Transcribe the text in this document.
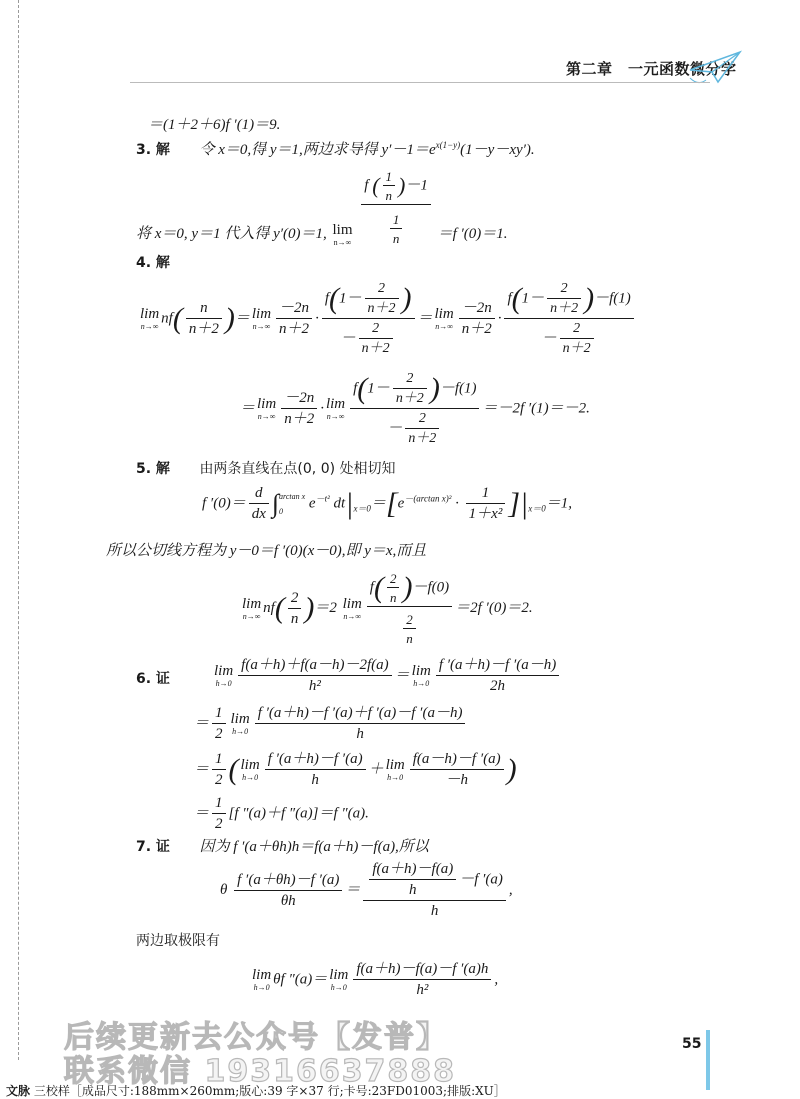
第二章　一元函数微分学
＝(1＋2＋6)f ′(1)＝9.
3. 解 令 x＝0,得 y＝1,两边求导得 $y'-1=e^{x(1-y)}(1-y-xy')$.
将 x＝0, y＝1 代入得 y′(0)＝1, lim
n→∞
$\frac{f ( \frac{1}{n} )-1}{\frac{1}{n}} =f$ ′(0)＝1.
4. 解
lim
n→∞
$nf( \frac{n}{n+2}$ )＝ lim
$n\to\infty \frac{-2n}{n+2} \cdot \frac{f(1- \frac{2}{n+2} )}{- \frac{2}{n+2}} = \lim$
$n\to\infty \frac{-2n}{n+2} \cdot \frac{f(1- \frac{2}{n+2} )-f(1)}{- \frac{2}{n+2}}$
＝ lim
$n\to\infty \frac{-2n}{n+2} \cdot \lim$
$n\to\infty \frac{f(1- \frac{2}{n+2} )-f(1)}{- \frac{2}{n+2}} =-2f$ ′(1)＝－2.
5. 解 由两条直线在点(0, 0) 处相切知
f $'(0)= \frac{d}{dx}$ ∫ arctan x
0
$e^{-t^2}$ $dt|_{x=0}=[e^{-(arctan x)^2} \cdot \frac{1}{\text{1＋x²}} ]|_{x=0}=1$,
所以公切线方程为 y－0＝f ′(0)(x－0),即 y＝x,而且
lim
n→∞
$nf( \frac{2}{n} )=2$ lim
$n\to\infty \frac{f( \frac{2}{n} )-f(0)}{\frac{2}{n}} =2f$ ′(0)＝2.
6. 证	lim
$h\to 0 \frac{f(a+h)+f(a-h)-2f(a)}{\text{h²}} = \lim$
$h\to 0 \frac{f '(a+h)-f '(a-h)}{2h}$
＝ $\frac{1}{2}$ lim
$h\to 0 \frac{f '(a+h)-f '(a)+f '(a)-f '(a-h)}{h}$
＝ $\frac{1}{2}$ ( lim
$h\to 0 \frac{f '(a+h)-f '(a)}{h} + \lim$
$h\to 0 \frac{f(a-h)-f '(a)}{-h}$ )
＝ $\frac{1}{2} [f$ ″(a)＋f ″(a)]＝f ″(a).
7. 证 因为 f ′(a＋θh)h＝f(a＋h)－f(a),所以
θ $\frac{f '(a+\theta h)-f '(a)}{\theta h} = \frac{\frac{f(a+h)-f(a)}{h} -f '(a)}{h}$ ,
两边取极限有
lim
h→0
θf ″(a)＝ lim
$h\to 0 \frac{f(a+h)-f(a)-f '(a)h}{\text{h²}}$ ,
后续更新去公众号【发普】
联系微信 19316637888
55
文脉 三校样［成品尺寸:188mm×260mm;版心:39 字×37 行;卡号:23FD01003;排版:XU］
